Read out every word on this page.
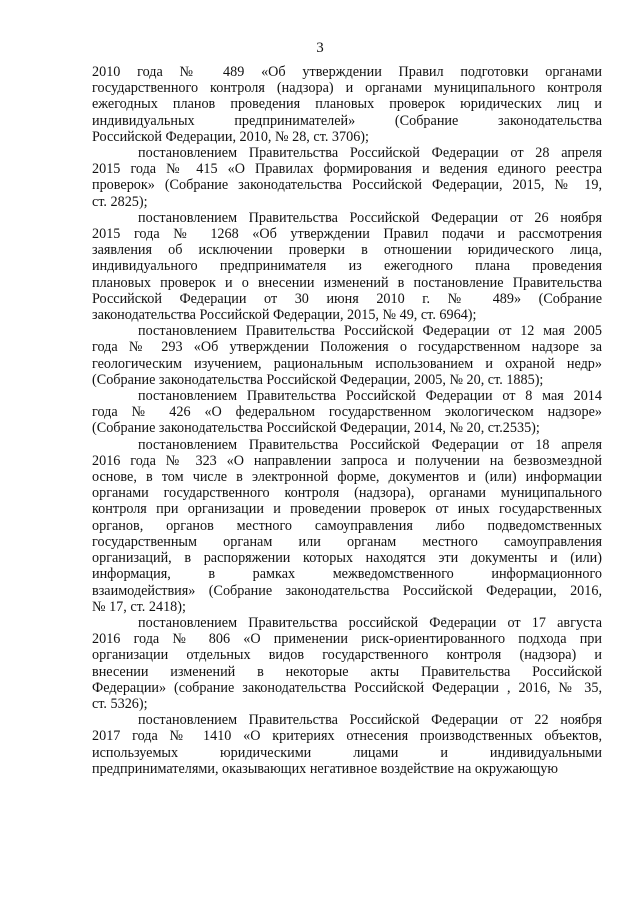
3
2010 года № 489 «Об утверждении Правил подготовки органами
государственного контроля (надзора) и органами муниципального контроля
ежегодных планов проведения плановых проверок юридических лиц и
индивидуальных предпринимателей» (Собрание законодательства
Российской Федерации, 2010, № 28, ст. 3706);
постановлением Правительства Российской Федерации от 28 апреля
2015 года № 415 «О Правилах формирования и ведения единого реестра
проверок» (Собрание законодательства Российской Федерации, 2015, № 19,
ст. 2825);
постановлением Правительства Российской Федерации от 26 ноября
2015 года № 1268 «Об утверждении Правил подачи и рассмотрения
заявления об исключении проверки в отношении юридического лица,
индивидуального предпринимателя из ежегодного плана проведения
плановых проверок и о внесении изменений в постановление Правительства
Российской Федерации от 30 июня 2010 г. № 489» (Собрание
законодательства Российской Федерации, 2015, № 49, ст. 6964);
постановлением Правительства Российской Федерации от 12 мая 2005
года № 293 «Об утверждении Положения о государственном надзоре за
геологическим изучением, рациональным использованием и охраной недр»
(Собрание законодательства Российской Федерации, 2005, № 20, ст. 1885);
постановлением Правительства Российской Федерации от 8 мая 2014
года № 426 «О федеральном государственном экологическом надзоре»
(Собрание законодательства Российской Федерации, 2014, № 20, ст.2535);
постановлением Правительства Российской Федерации от 18 апреля
2016 года № 323 «О направлении запроса и получении на безвозмездной
основе, в том числе в электронной форме, документов и (или) информации
органами государственного контроля (надзора), органами муниципального
контроля при организации и проведении проверок от иных государственных
органов, органов местного самоуправления либо подведомственных
государственным органам или органам местного самоуправления
организаций, в распоряжении которых находятся эти документы и (или)
информация, в рамках межведомственного информационного
взаимодействия» (Собрание законодательства Российской Федерации, 2016,
№ 17, ст. 2418);
постановлением Правительства российской Федерации от 17 августа
2016 года № 806 «О применении риск-ориентированного подхода при
организации отдельных видов государственного контроля (надзора) и
внесении изменений в некоторые акты Правительства Российской
Федерации» (собрание законодательства Российской Федерации , 2016, № 35,
ст. 5326);
постановлением Правительства Российской Федерации от 22 ноября
2017 года № 1410 «О критериях отнесения производственных объектов,
используемых юридическими лицами и индивидуальными
предпринимателями, оказывающих негативное воздействие на окружающую
